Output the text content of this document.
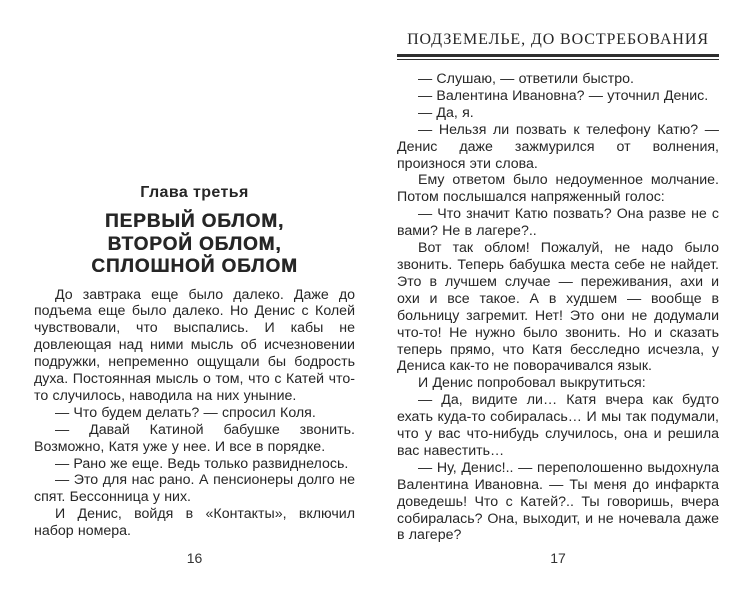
Глава третья
ПЕРВЫЙ ОБЛОМ,
ВТОРОЙ ОБЛОМ,
СПЛОШНОЙ ОБЛОМ
До завтрака еще было далеко. Даже до подъема еще было далеко. Но Денис с Колей чувствовали, что выспались. И кабы не довлеющая над ними мысль об исчезновении подружки, непременно ощущали бы бодрость духа. Постоянная мысль о том, что с Катей что-то случилось, наводила на них уныние.
— Что будем делать? — спросил Коля.
— Давай Катиной бабушке звонить. Возможно, Катя уже у нее. И все в порядке.
— Рано же еще. Ведь только развиднелось.
— Это для нас рано. А пенсионеры долго не спят. Бессонница у них.
И Денис, войдя в «Контакты», включил набор номера.
16
ПОДЗЕМЕЛЬЕ, ДО ВОСТРЕБОВАНИЯ
— Слушаю, — ответили быстро.
— Валентина Ивановна? — уточнил Денис.
— Да, я.
— Нельзя ли позвать к телефону Катю? — Денис даже зажмурился от волнения, произнося эти слова.
Ему ответом было недоуменное молчание. Потом послышался напряженный голос:
— Что значит Катю позвать? Она разве не с вами? Не в лагере?..
Вот так облом! Пожалуй, не надо было звонить. Теперь бабушка места себе не найдет. Это в лучшем случае — переживания, ахи и охи и все такое. А в худшем — вообще в больницу загремит. Нет! Это они не додумали что-то! Не нужно было звонить. Но и сказать теперь прямо, что Катя бесследно исчезла, у Дениса как-то не поворачивался язык.
И Денис попробовал выкрутиться:
— Да, видите ли… Катя вчера как будто ехать куда-то собиралась… И мы так подумали, что у вас что-нибудь случилось, она и решила вас навестить…
— Ну, Денис!.. — переполошенно выдохнула Валентина Ивановна. — Ты меня до инфаркта доведешь! Что с Катей?.. Ты говоришь, вчера собиралась? Она, выходит, и не ночевала даже в лагере?
17
